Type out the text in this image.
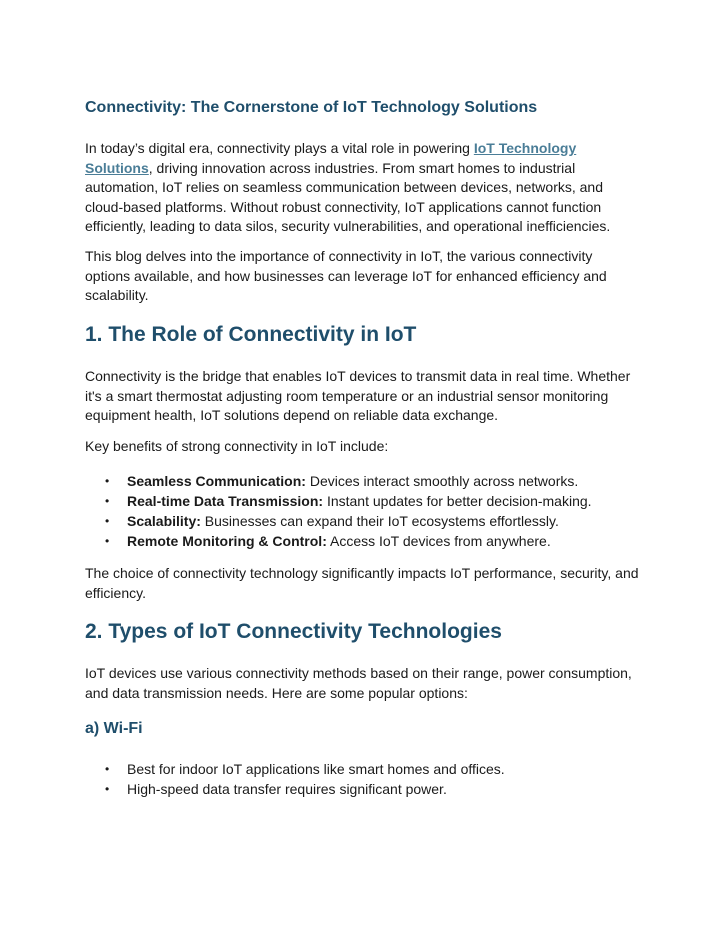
Connectivity: The Cornerstone of IoT Technology Solutions

In today’s digital era, connectivity plays a vital role in powering IoT Technology
Solutions, driving innovation across industries. From smart homes to industrial automation, IoT relies on seamless communication between devices, networks, and cloud-based platforms. Without robust connectivity, IoT applications cannot function efficiently, leading to data silos, security vulnerabilities, and operational inefficiencies.

This blog delves into the importance of connectivity in IoT, the various connectivity options available, and how businesses can leverage IoT for enhanced efficiency and scalability.

1. The Role of Connectivity in IoT

Connectivity is the bridge that enables IoT devices to transmit data in real time. Whether it's a smart thermostat adjusting room temperature or an industrial sensor monitoring equipment health, IoT solutions depend on reliable data exchange.

Key benefits of strong connectivity in IoT include:

• Seamless Communication: Devices interact smoothly across networks.
• Real-time Data Transmission: Instant updates for better decision-making.
• Scalability: Businesses can expand their IoT ecosystems effortlessly.
• Remote Monitoring & Control: Access IoT devices from anywhere.

The choice of connectivity technology significantly impacts IoT performance, security, and efficiency.

2. Types of IoT Connectivity Technologies

IoT devices use various connectivity methods based on their range, power consumption, and data transmission needs. Here are some popular options:

a) Wi-Fi
• Best for indoor IoT applications like smart homes and offices.
• High-speed data transfer requires significant power.
